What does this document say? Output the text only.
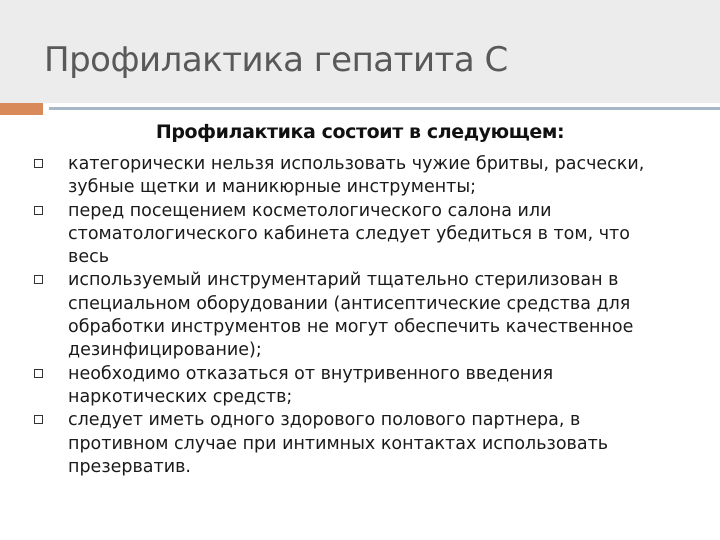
Профилактика гепатита С

Профилактика состоит в следующем:

категорически нельзя использовать чужие бритвы, расчески,
зубные щетки и маникюрные инструменты;
перед посещением косметологического салона или
стоматологического кабинета следует убедиться в том, что
весь
используемый инструментарий тщательно стерилизован в
специальном оборудовании (антисептические средства для
обработки инструментов не могут обеспечить качественное
дезинфицирование);
необходимо отказаться от внутривенного введения
наркотических средств;
следует иметь одного здорового полового партнера, в
противном случае при интимных контактах использовать
презерватив.
